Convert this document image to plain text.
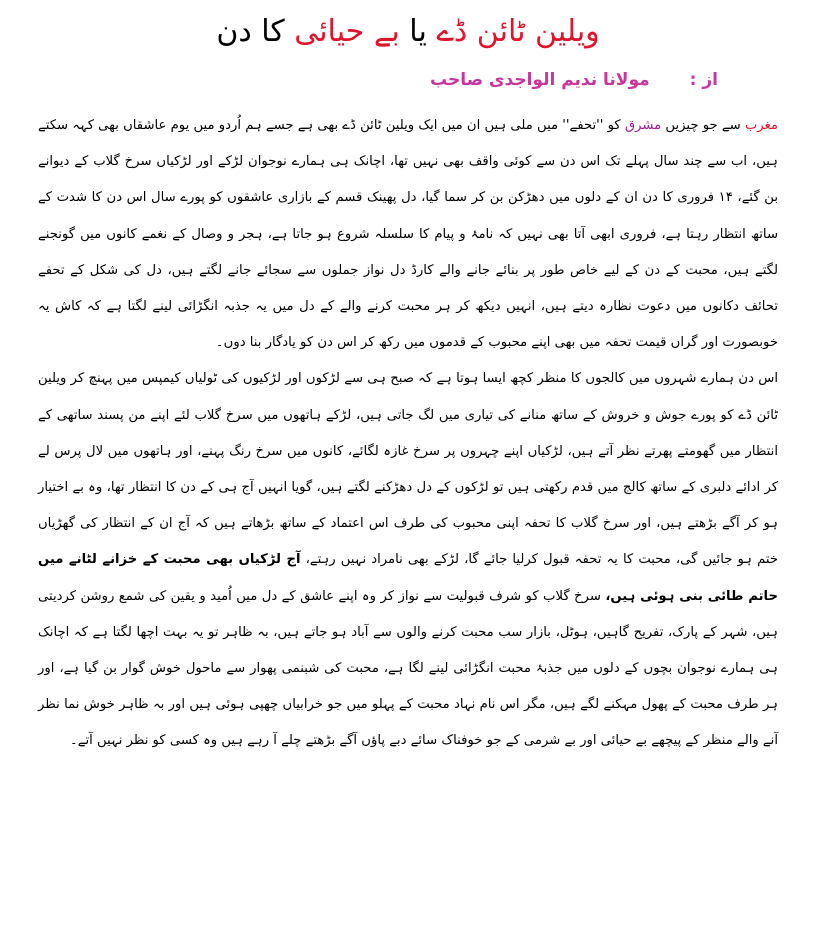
ویلین ٹائن ڈے یا بے حیائی کا دن
از :مولانا ندیم الواجدی صاحب

مغرب سے جو چیزیں مشرق کو ''تحفے'' میں ملی ہیں ان میں ایک ویلین ٹائن ڈے بھی ہے جسے ہم اُردو میں یوم عاشقاں بھی کہہ سکتے ہیں، اب سے چند سال پہلے تک اس دن سے کوئی واقف بھی نہیں تھا، اچانک ہی ہمارے نوجوان لڑکے اور لڑکیاں سرخ گلاب کے دیوانے بن گئے، ۱۴ فروری کا دن ان کے دلوں میں دھڑکن بن کر سما گیا، دل پھینک قسم کے بازاری عاشقوں کو پورے سال اس دن کا شدت کے ساتھ انتظار رہتا ہے، فروری ابھی آتا بھی نہیں کہ نامۂ و پیام کا سلسلہ شروع ہو جاتا ہے، ہجر و وصال کے نغمے کانوں میں گونجنے لگتے ہیں، محبت کے دن کے لیے خاص طور پر بنائے جانے والے کارڈ دل نواز جملوں سے سجائے جانے لگتے ہیں، دل کی شکل کے تحفے تحائف دکانوں میں دعوت نظارہ دیتے ہیں، انہیں دیکھ کر ہر محبت کرنے والے کے دل میں یہ جذبہ انگڑائی لینے لگتا ہے کہ کاش یہ خوبصورت اور گراں قیمت تحفہ میں بھی اپنے محبوب کے قدموں میں رکھ کر اس دن کو یادگار بنا دوں۔

اس دن ہمارے شہروں میں کالجوں کا منظر کچھ ایسا ہوتا ہے کہ صبح ہی سے لڑکوں اور لڑکیوں کی ٹولیاں کیمپس میں پہنچ کر ویلین ٹائن ڈے کو پورے جوش و خروش کے ساتھ منانے کی تیاری میں لگ جاتی ہیں، لڑکے ہاتھوں میں سرخ گلاب لئے اپنے من پسند ساتھی کے انتظار میں گھومتے پھرتے نظر آتے ہیں، لڑکیاں اپنے چہروں پر سرخ غازہ لگائے، کانوں میں سرخ رنگ پہنے، اور ہاتھوں میں لال پرس لے کر ادائے دلبری کے ساتھ کالج میں قدم رکھتی ہیں تو لڑکوں کے دل دھڑکنے لگتے ہیں، گویا انہیں آج ہی کے دن کا انتظار تھا، وہ بے اختیار ہو کر آگے بڑھتے ہیں، اور سرخ گلاب کا تحفہ اپنی محبوب کی طرف اس اعتماد کے ساتھ بڑھاتے ہیں کہ آج ان کے انتظار کی گھڑیاں ختم ہو جائیں گی، محبت کا یہ تحفہ قبول کرلیا جائے گا، لڑکے بھی نامراد نہیں رہتے، آج لڑکیاں بھی محبت کے خزانے لٹانے میں حاتم طائی بنی ہوئی ہیں، سرخ گلاب کو شرف قبولیت سے نواز کر وہ اپنے عاشق کے دل میں اُمید و یقین کی شمع روشن کردیتی ہیں، شہر کے پارک، تفریح گاہیں، ہوٹل، بازار سب محبت کرنے والوں سے آباد ہو جاتے ہیں، بہ ظاہر تو یہ بہت اچھا لگتا ہے کہ اچانک ہی ہمارے نوجوان بچوں کے دلوں میں جذبۂ محبت انگڑائی لینے لگا ہے، محبت کی شبنمی پھوار سے ماحول خوش گوار بن گیا ہے، اور ہر طرف محبت کے پھول مہکنے لگے ہیں، مگر اس نام نہاد محبت کے پہلو میں جو خرابیاں چھپی ہوئی ہیں اور بہ ظاہر خوش نما نظر آنے والے منظر کے پیچھے بے حیائی اور بے شرمی کے جو خوفناک سائے دبے پاؤں آگے بڑھتے چلے آ رہے ہیں وہ کسی کو نظر نہیں آتے۔
